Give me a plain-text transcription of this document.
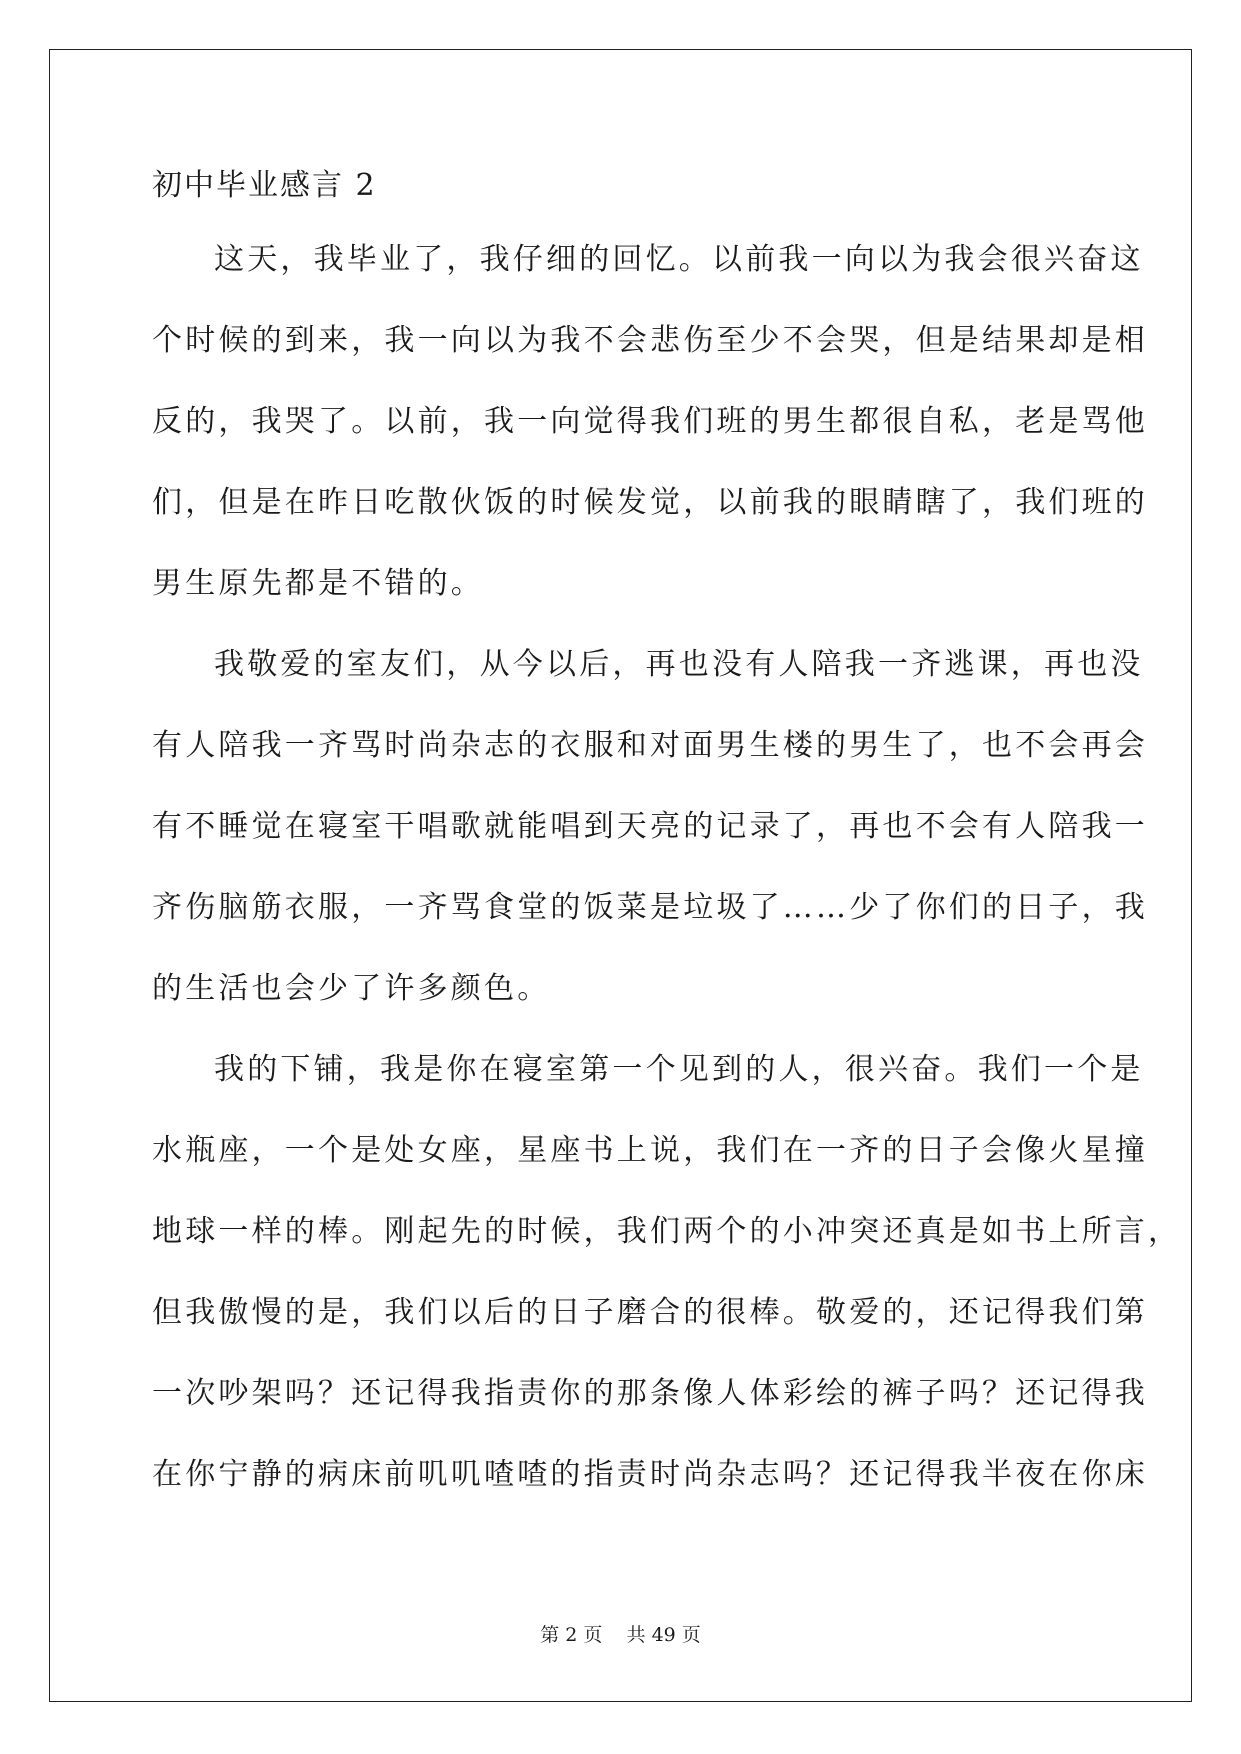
初中毕业感言 2
这天，我毕业了，我仔细的回忆。以前我一向以为我会很兴奋这
个时候的到来，我一向以为我不会悲伤至少不会哭，但是结果却是相
反的，我哭了。以前，我一向觉得我们班的男生都很自私，老是骂他
们，但是在昨日吃散伙饭的时候发觉，以前我的眼睛瞎了，我们班的
男生原先都是不错的。
我敬爱的室友们，从今以后，再也没有人陪我一齐逃课，再也没
有人陪我一齐骂时尚杂志的衣服和对面男生楼的男生了，也不会再会
有不睡觉在寝室干唱歌就能唱到天亮的记录了，再也不会有人陪我一
齐伤脑筋衣服，一齐骂食堂的饭菜是垃圾了……少了你们的日子，我
的生活也会少了许多颜色。
我的下铺，我是你在寝室第一个见到的人，很兴奋。我们一个是
水瓶座，一个是处女座，星座书上说，我们在一齐的日子会像火星撞
地球一样的棒。刚起先的时候，我们两个的小冲突还真是如书上所言，
但我傲慢的是，我们以后的日子磨合的很棒。敬爱的，还记得我们第
一次吵架吗？还记得我指责你的那条像人体彩绘的裤子吗？还记得我
在你宁静的病床前叽叽喳喳的指责时尚杂志吗？还记得我半夜在你床
第 2 页    共 49 页
